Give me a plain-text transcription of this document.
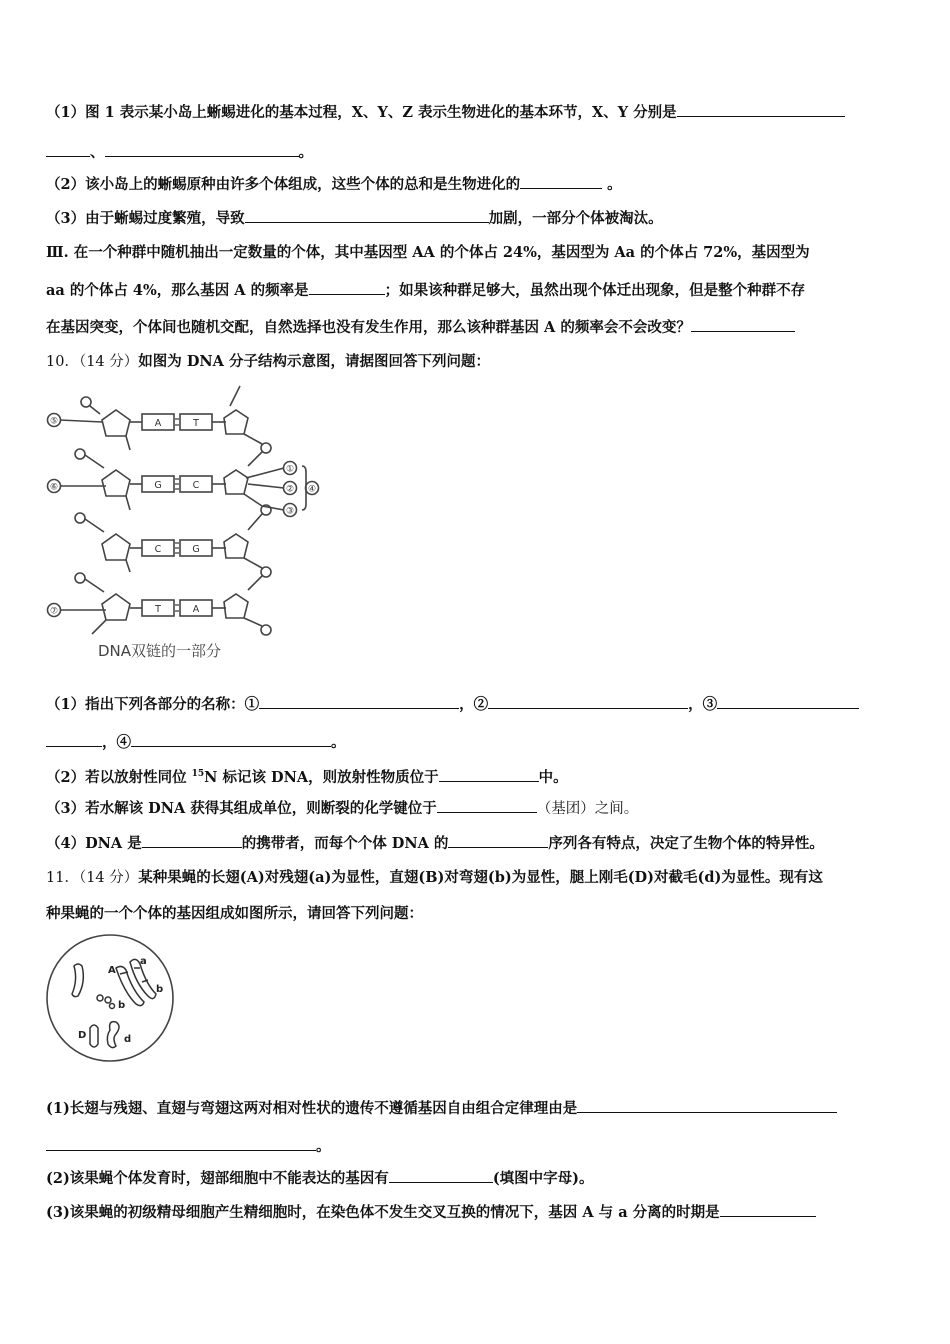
（1）图 1 表示某小岛上蜥蜴进化的基本过程，X、Y、Z 表示生物进化的基本环节，X、Y 分别是
、	。
（2）该小岛上的蜥蜴原种由许多个体组成，这些个体的总和是生物进化的	。
（3）由于蜥蜴过度繁殖，导致	加剧，一部分个体被淘汰。
Ⅲ. 在一个种群中随机抽出一定数量的个体，其中基因型 AA 的个体占 24%，基因型为 Aa 的个体占 72%，基因型为
aa 的个体占 4%，那么基因 A 的频率是	；如果该种群足够大，虽然出现个体迁出现象，但是整个种群不存
在基因突变，个体间也随机交配，自然选择也没有发生作用，那么该种群基因 A 的频率会不会改变？
10．（14 分）如图为 DNA 分子结构示意图，请据图回答下列问题：
A	T
G	C
C	G
T	A
⑤
⑥
⑦
①
②
③
④
DNA双链的一部分
（1）指出下列各部分的名称：①	，②	，③
，④	。
（2）若以放射性同位 $^{15}$N 标记该 DNA，则放射性物质位于	中。
（3）若水解该 DNA 获得其组成单位，则断裂的化学键位于	（基团）之间。
（4）DNA 是	的携带者，而每个个体 DNA 的	序列各有特点，决定了生物个体的特异性。
11．（14 分）某种果蝇的长翅(A)对残翅(a)为显性，直翅(B)对弯翅(b)为显性，腿上刚毛(D)对截毛(d)为显性。现有这
种果蝇的一个个体的基因组成如图所示，请回答下列问题：
A
a
b
b
D	d
(1)长翅与残翅、直翅与弯翅这两对相对性状的遗传不遵循基因自由组合定律理由是
。
(2)该果蝇个体发育时，翅部细胞中不能表达的基因有	(填图中字母)。
(3)该果蝇的初级精母细胞产生精细胞时，在染色体不发生交叉互换的情况下，基因 A 与 a 分离的时期是
